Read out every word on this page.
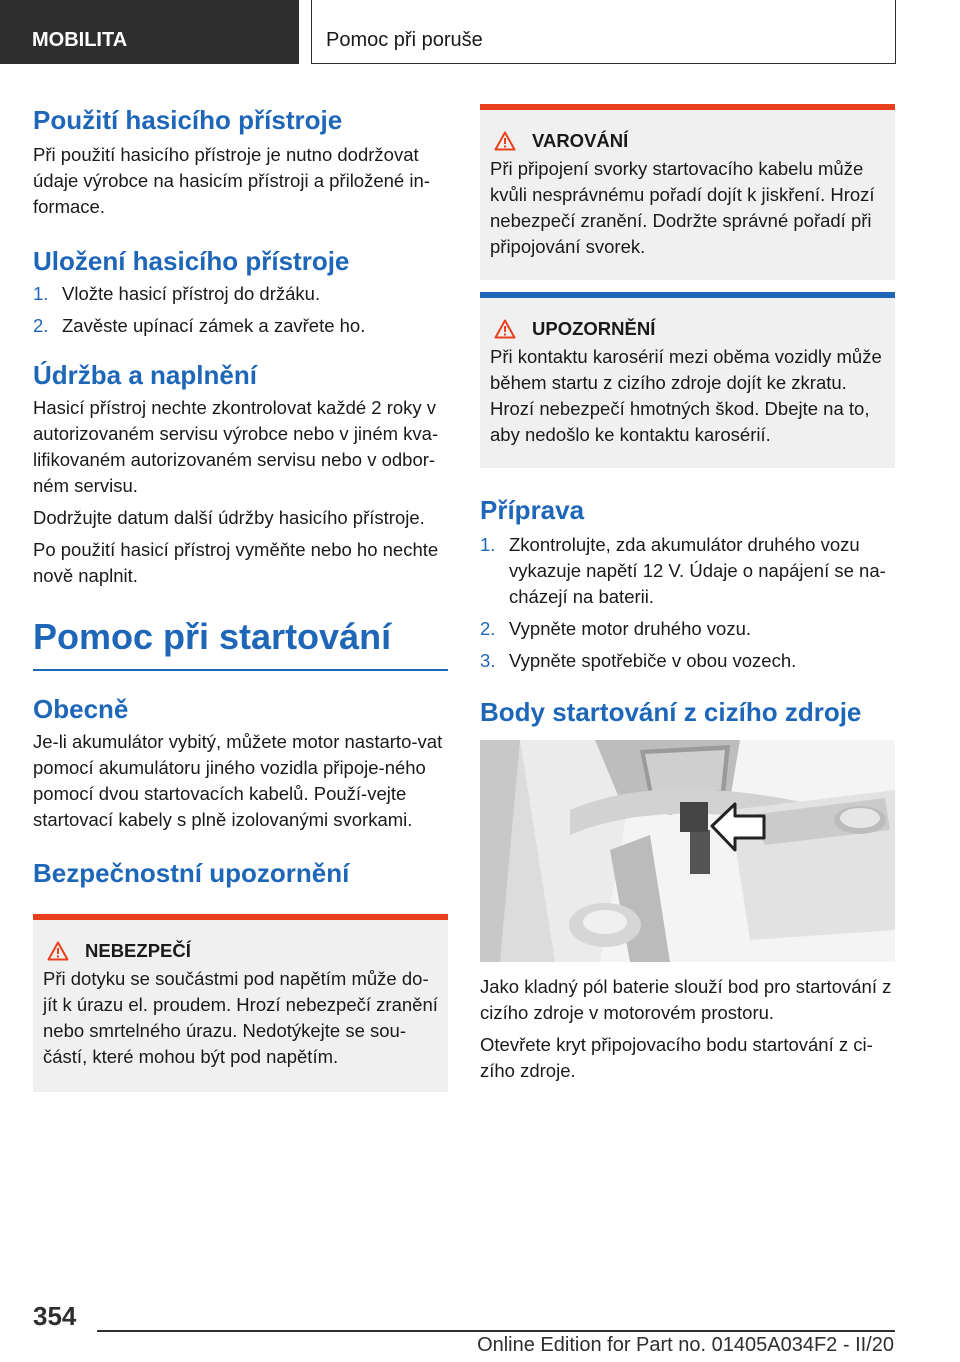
MOBILITA	Pomoc při poruše
Použití hasicího přístroje

Při použití hasicího přístroje je nutno dodržovat údaje výrobce na hasicím přístroji a přiložené in-formace.

Uložení hasicího přístroje
1. Vložte hasicí přístroj do držáku.
2. Zavěste upínací zámek a zavřete ho.
Údržba a naplnění

Hasicí přístroj nechte zkontrolovat každé 2 roky v autorizovaném servisu výrobce nebo v jiném kva-lifikovaném autorizovaném servisu nebo v odbor-ném servisu.

Dodržujte datum další údržby hasicího přístroje.

Po použití hasicí přístroj vyměňte nebo ho nechte nově naplnit.

Pomoc při startování
Obecně

Je-li akumulátor vybitý, můžete motor nastarto-vat pomocí akumulátoru jiného vozidla připoje-ného pomocí dvou startovacích kabelů. Použí-vejte startovací kabely s plně izolovanými svorkami.

Bezpečnostní upozornění
NEBEZPEČÍ

Při dotyku se součástmi pod napětím může do-jít k úrazu el. proudem. Hrozí nebezpečí zranění nebo smrtelného úrazu. Nedotýkejte se sou-částí, které mohou být pod napětím.

VAROVÁNÍ

Při připojení svorky startovacího kabelu může kvůli nesprávnému pořadí dojít k jiskření. Hrozí nebezpečí zranění. Dodržte správné pořadí při připojování svorek.

UPOZORNĚNÍ

Při kontaktu karosérií mezi oběma vozidly může během startu z cizího zdroje dojít ke zkratu. Hrozí nebezpečí hmotných škod. Dbejte na to, aby nedošlo ke kontaktu karosérií.

Příprava
1. Zkontrolujte, zda akumulátor druhého vozu vykazuje napětí 12 V. Údaje o napájení se na-cházejí na baterii.
2. Vypněte motor druhého vozu.
3. Vypněte spotřebiče v obou vozech.
Body startování z cizího zdroje

Jako kladný pól baterie slouží bod pro startování z cizího zdroje v motorovém prostoru.

Otevřete kryt připojovacího bodu startování z ci-zího zdroje.

354
Online Edition for Part no. 01405A034F2 - II/20
